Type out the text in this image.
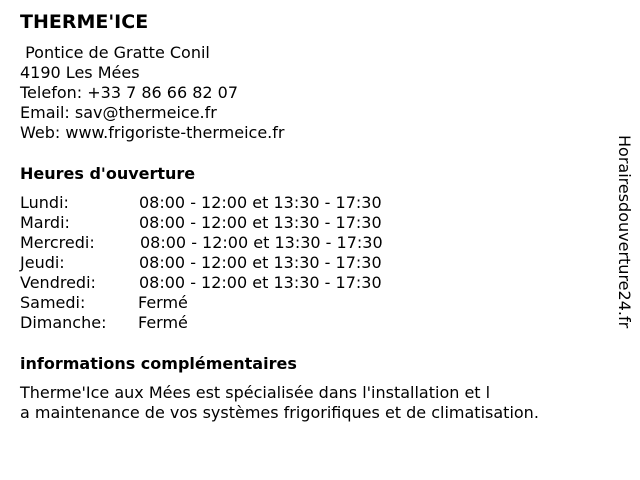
THERME'ICE
Pontice de Gratte Conil
4190 Les Mées
Telefon: +33 7 86 66 82 07
Email: sav@thermeice.fr
Web: www.frigoriste-thermeice.fr
Heures d'ouverture
Lundi:	08:00 - 12:00 et 13:30 - 17:30
Mardi:	08:00 - 12:00 et 13:30 - 17:30
Mercredi:	08:00 - 12:00 et 13:30 - 17:30
Jeudi:	08:00 - 12:00 et 13:30 - 17:30
Vendredi:	08:00 - 12:00 et 13:30 - 17:30
Samedi:	Fermé
Dimanche: Fermé
informations complémentaires
Therme'Ice aux Mées est spécialisée dans l'installation et l
a maintenance de vos systèmes frigorifiques et de climatisation.
Horairesdouverture24.fr
